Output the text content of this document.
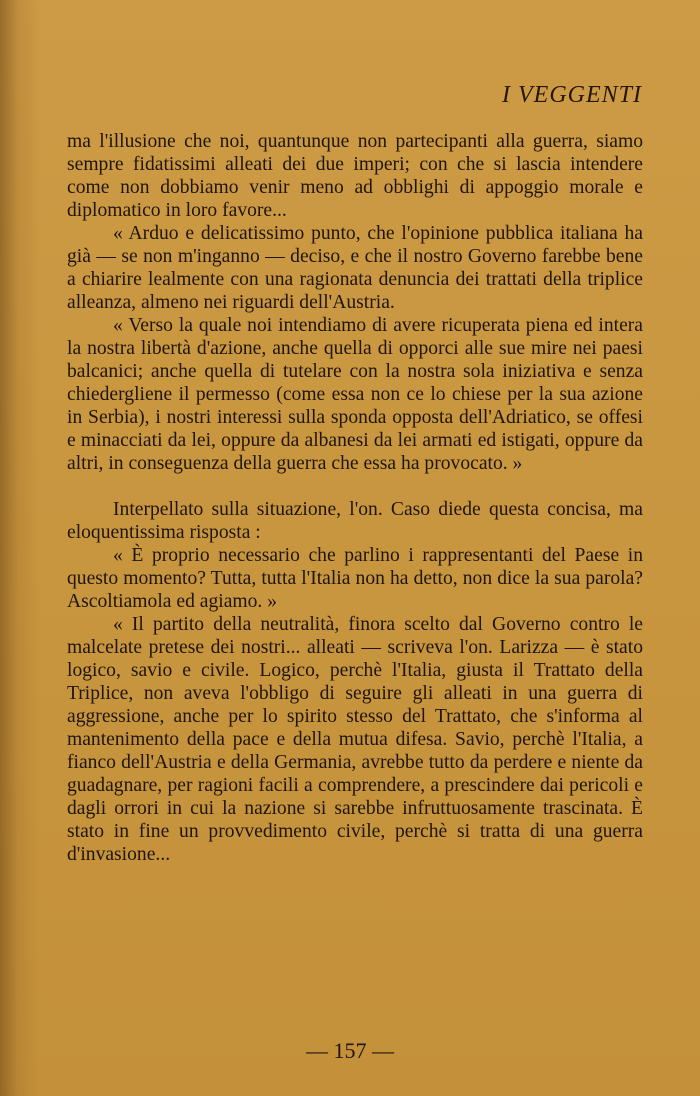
I VEGGENTI

ma l'illusione che noi, quantunque non partecipanti alla guerra, siamo sempre fidatissimi alleati dei due imperi; con che si lascia intendere come non dobbiamo venir meno ad obblighi di appoggio morale e diplomatico in loro favore...

« Arduo e delicatissimo punto, che l'opinione pubblica italiana ha già — se non m'inganno — deciso, e che il nostro Governo farebbe bene a chiarire lealmente con una ragionata denuncia dei trattati della triplice alleanza, almeno nei riguardi dell'Austria.

« Verso la quale noi intendiamo di avere ricuperata piena ed intera la nostra libertà d'azione, anche quella di opporci alle sue mire nei paesi balcanici; anche quella di tutelare con la nostra sola iniziativa e senza chiedergliene il permesso (come essa non ce lo chiese per la sua azione in Serbia), i nostri interessi sulla sponda opposta dell'Adriatico, se offesi e minacciati da lei, oppure da albanesi da lei armati ed istigati, oppure da altri, in conseguenza della guerra che essa ha provocato. »

Interpellato sulla situazione, l'on. Caso diede questa concisa, ma eloquentissima risposta :

« È proprio necessario che parlino i rappresentanti del Paese in questo momento? Tutta, tutta l'Italia non ha detto, non dice la sua parola? Ascoltiamola ed agiamo. »

« Il partito della neutralità, finora scelto dal Governo contro le malcelate pretese dei nostri... alleati — scriveva l'on. Larizza — è stato logico, savio e civile. Logico, perchè l'Italia, giusta il Trattato della Triplice, non aveva l'obbligo di seguire gli alleati in una guerra di aggressione, anche per lo spirito stesso del Trattato, che s'informa al mantenimento della pace e della mutua difesa. Savio, perchè l'Italia, a fianco dell'Austria e della Germania, avrebbe tutto da perdere e niente da guadagnare, per ragioni facili a comprendere, a prescindere dai pericoli e dagli orrori in cui la nazione si sarebbe infruttuosamente trascinata. È stato in fine un provvedimento civile, perchè si tratta di una guerra d'invasione...

— 157 —
